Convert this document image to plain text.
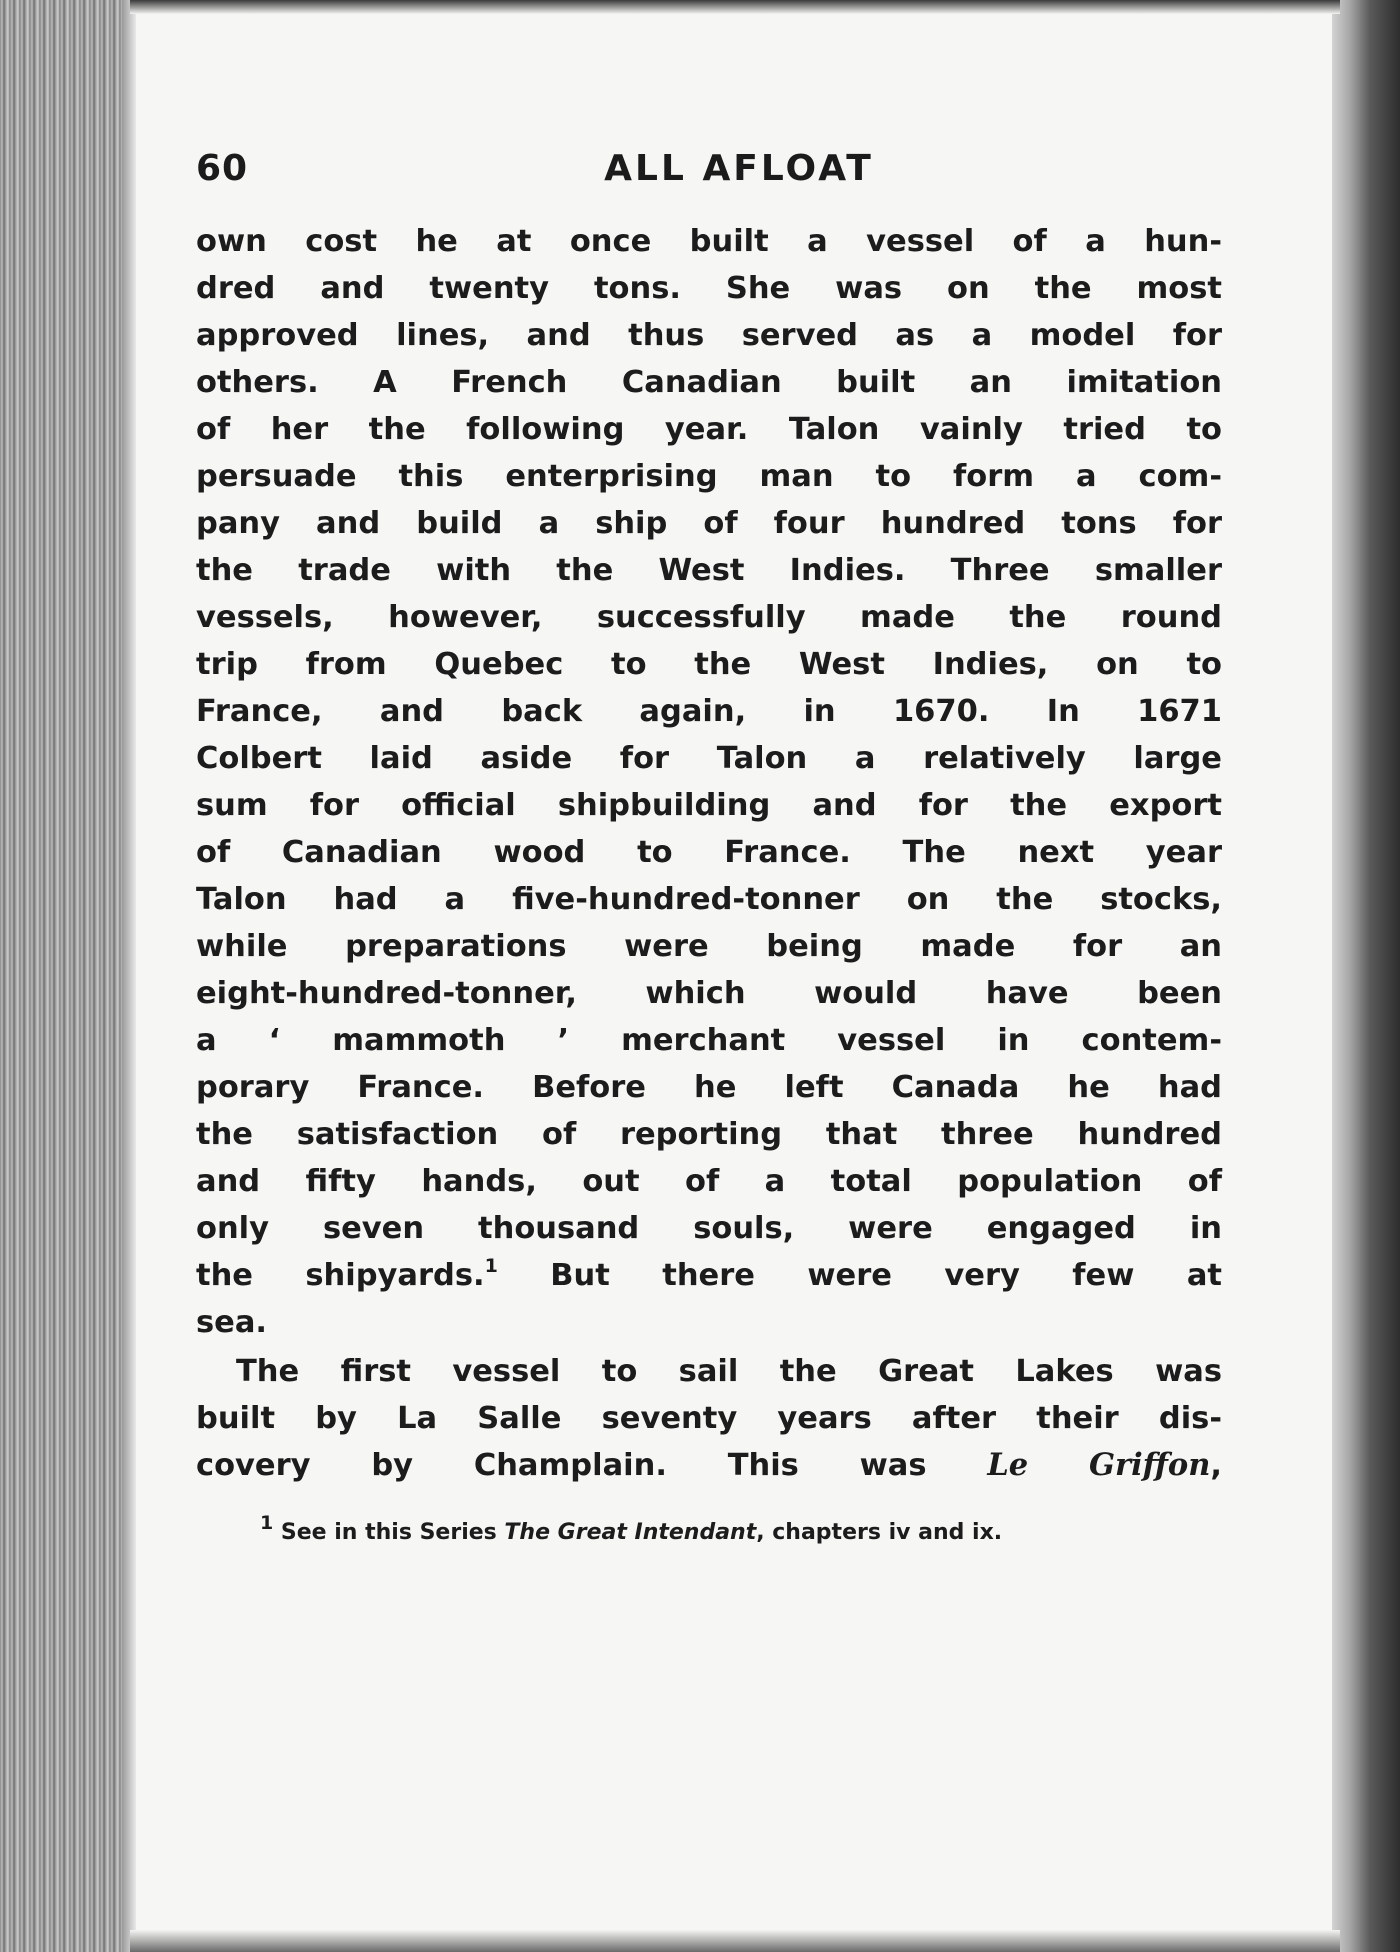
60	ALL AFLOAT
own cost he at once built a vessel of a hun-
dred and twenty tons. She was on the most
approved lines, and thus served as a model for
others. A French Canadian built an imitation
of her the following year. Talon vainly tried to
persuade this enterprising man to form a com-
pany and build a ship of four hundred tons for
the trade with the West Indies. Three smaller
vessels, however, successfully made the round
trip from Quebec to the West Indies, on to
France, and back again, in 1670. In 1671
Colbert laid aside for Talon a relatively large
sum for official shipbuilding and for the export
of Canadian wood to France. The next year
Talon had a five-hundred-tonner on the stocks,
while preparations were being made for an
eight-hundred-tonner, which would have been
a ‘ mammoth ’ merchant vessel in contem-
porary France. Before he left Canada he had
the satisfaction of reporting that three hundred
and fifty hands, out of a total population of
only seven thousand souls, were engaged in
the shipyards.$^1$ But there were very few at
sea.
The first vessel to sail the Great Lakes was
built by La Salle seventy years after their dis-
covery by Champlain. This was Le Griffon,
$^1$ See in this Series The Great Intendant, chapters iv and ix.
